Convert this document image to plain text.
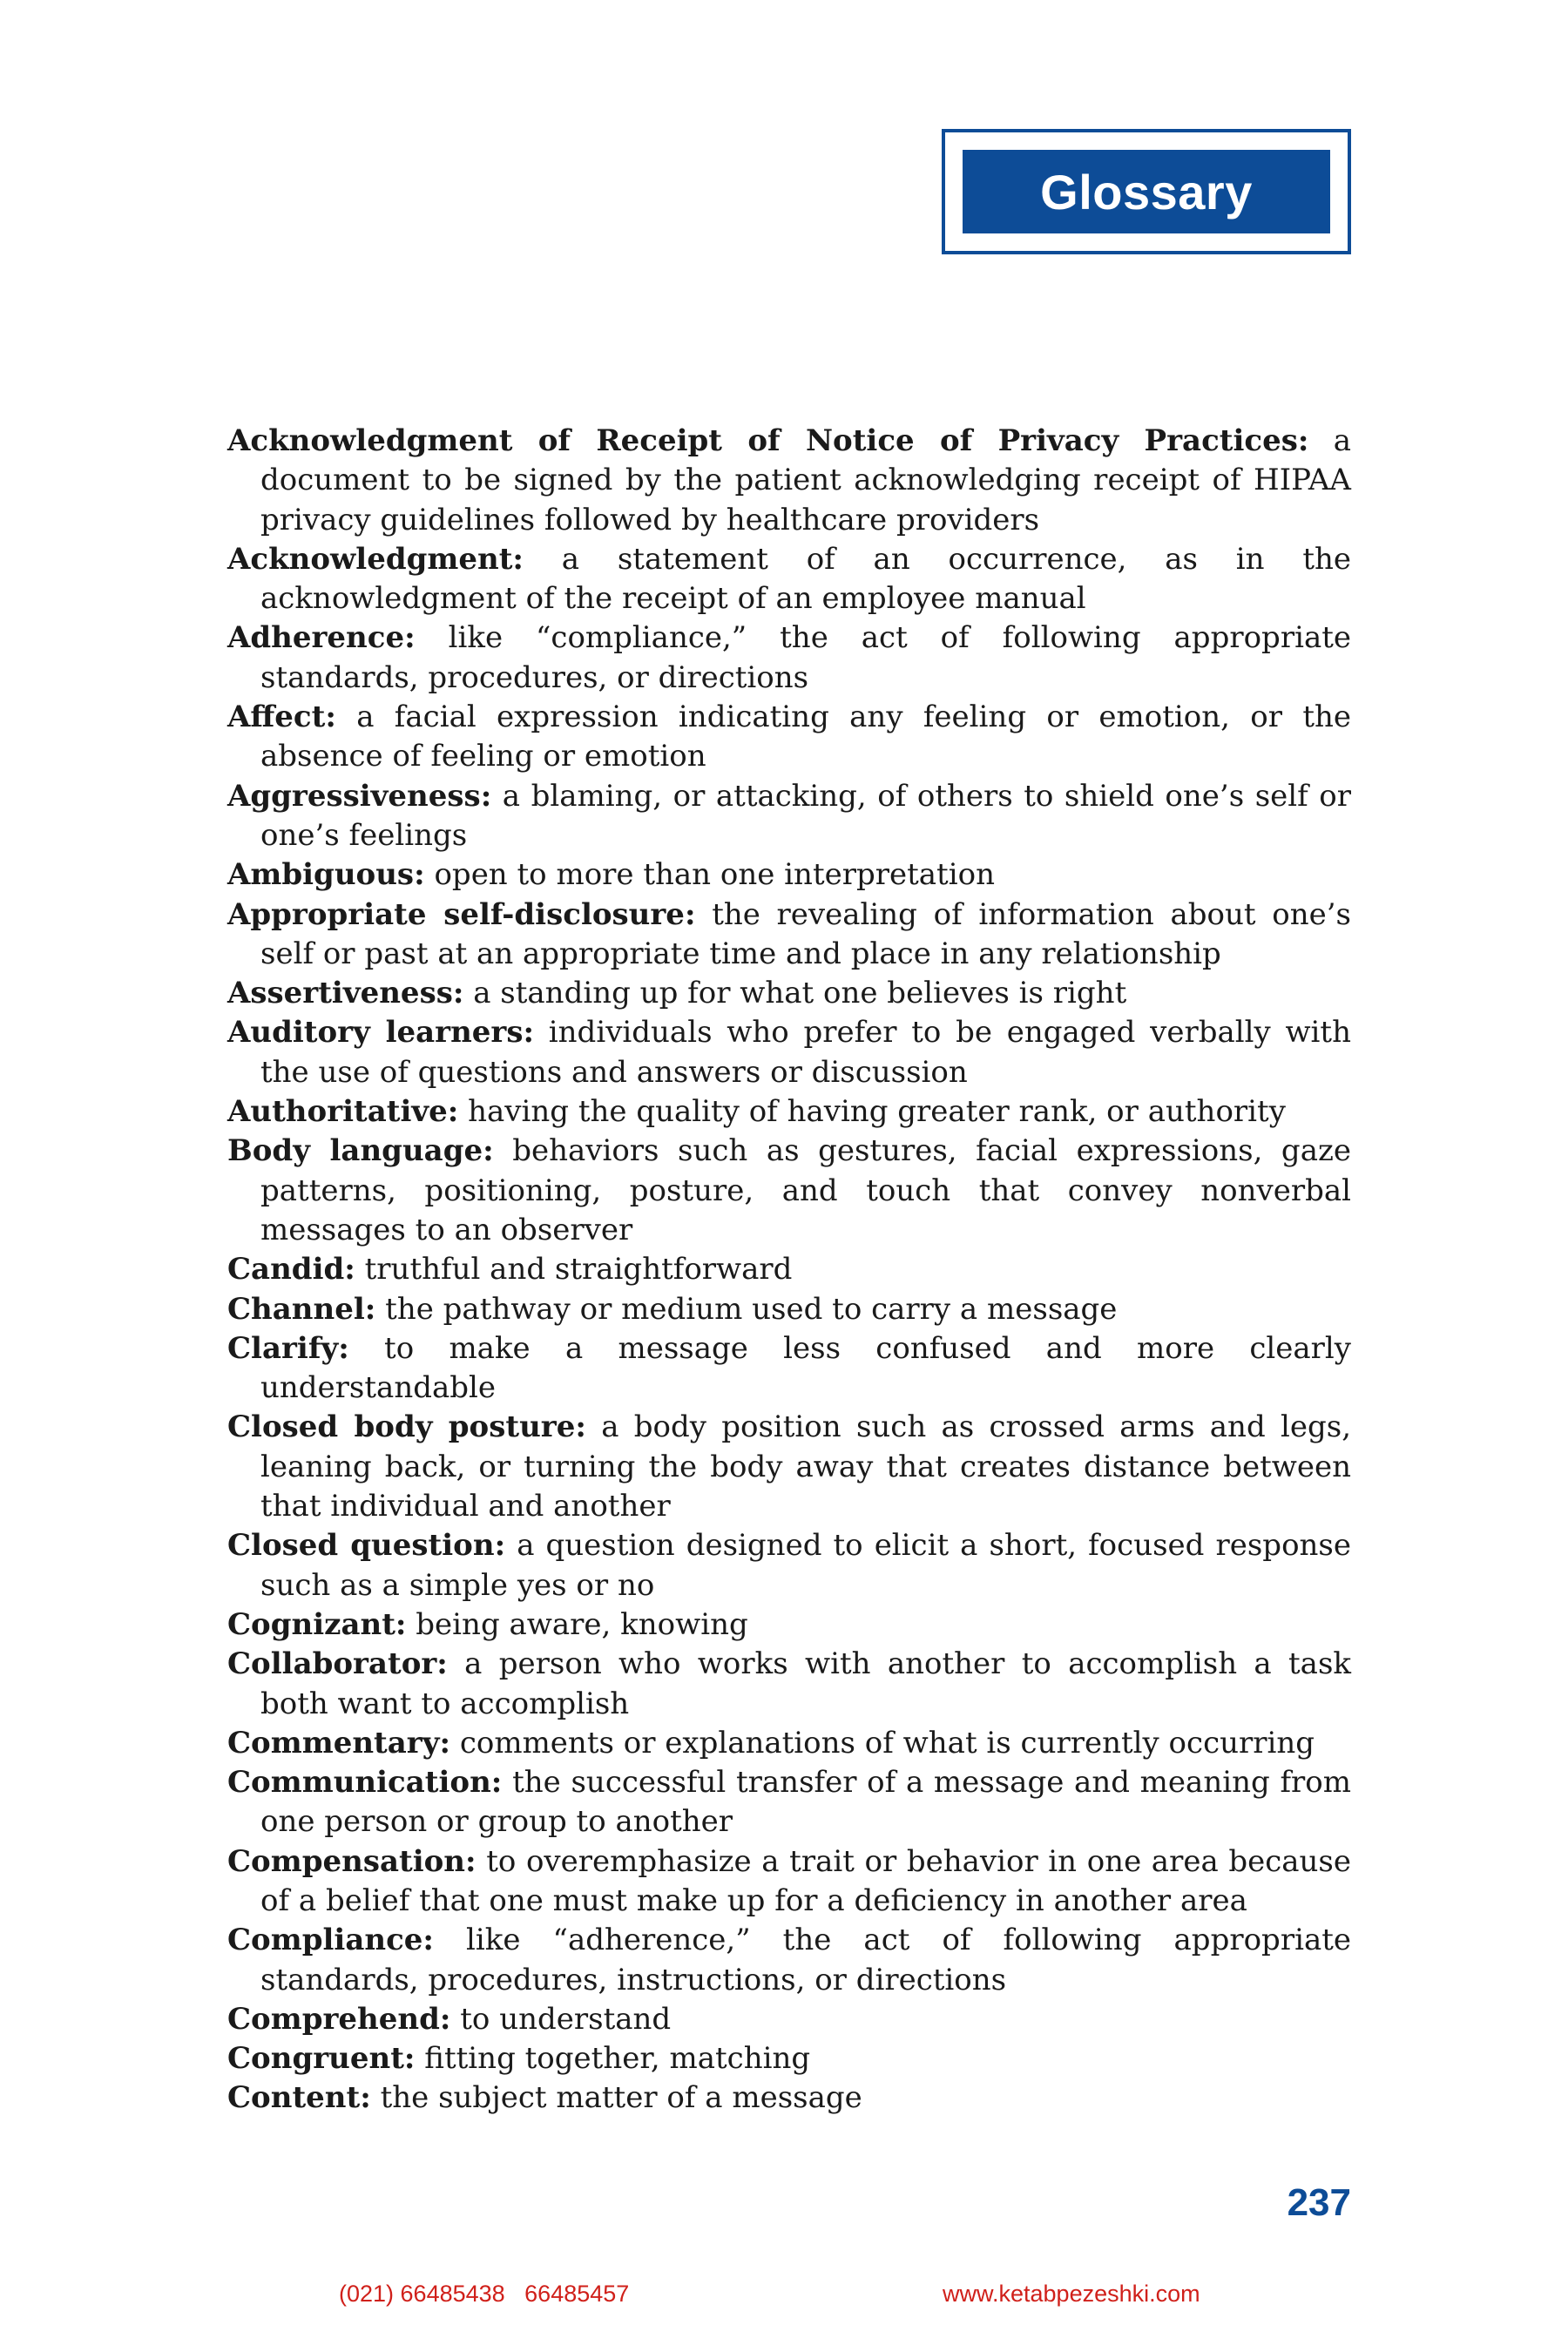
Glossary
Acknowledgment of Receipt of Notice of Privacy Practices: a document to be signed by the patient acknowledging receipt of HIPAA privacy guidelines followed by healthcare providers
Acknowledgment: a statement of an occurrence, as in the acknowledgment of the receipt of an employee manual
Adherence: like “compliance,” the act of following appropriate standards, procedures, or directions
Affect: a facial expression indicating any feeling or emotion, or the absence of feeling or emotion
Aggressiveness: a blaming, or attacking, of others to shield one’s self or one’s feelings
Ambiguous: open to more than one interpretation
Appropriate self-disclosure: the revealing of information about one’s self or past at an appropriate time and place in any relationship
Assertiveness: a standing up for what one believes is right
Auditory learners: individuals who prefer to be engaged verbally with the use of questions and answers or discussion
Authoritative: having the quality of having greater rank, or authority
Body language: behaviors such as gestures, facial expressions, gaze patterns, positioning, posture, and touch that convey nonverbal messages to an observer
Candid: truthful and straightforward
Channel: the pathway or medium used to carry a message
Clarify: to make a message less confused and more clearly understandable
Closed body posture: a body position such as crossed arms and legs, leaning back, or turning the body away that creates distance between that individual and another
Closed question: a question designed to elicit a short, focused response such as a simple yes or no
Cognizant: being aware, knowing
Collaborator: a person who works with another to accomplish a task both want to accomplish
Commentary: comments or explanations of what is currently occurring
Communication: the successful transfer of a message and meaning from one person or group to another
Compensation: to overemphasize a trait or behavior in one area because of a belief that one must make up for a deficiency in another area
Compliance: like “adherence,” the act of following appropriate standards, procedures, instructions, or directions
Comprehend: to understand
Congruent: fitting together, matching
Content: the subject matter of a message
237
(021) 66485438   66485457	www.ketabpezeshki.com
